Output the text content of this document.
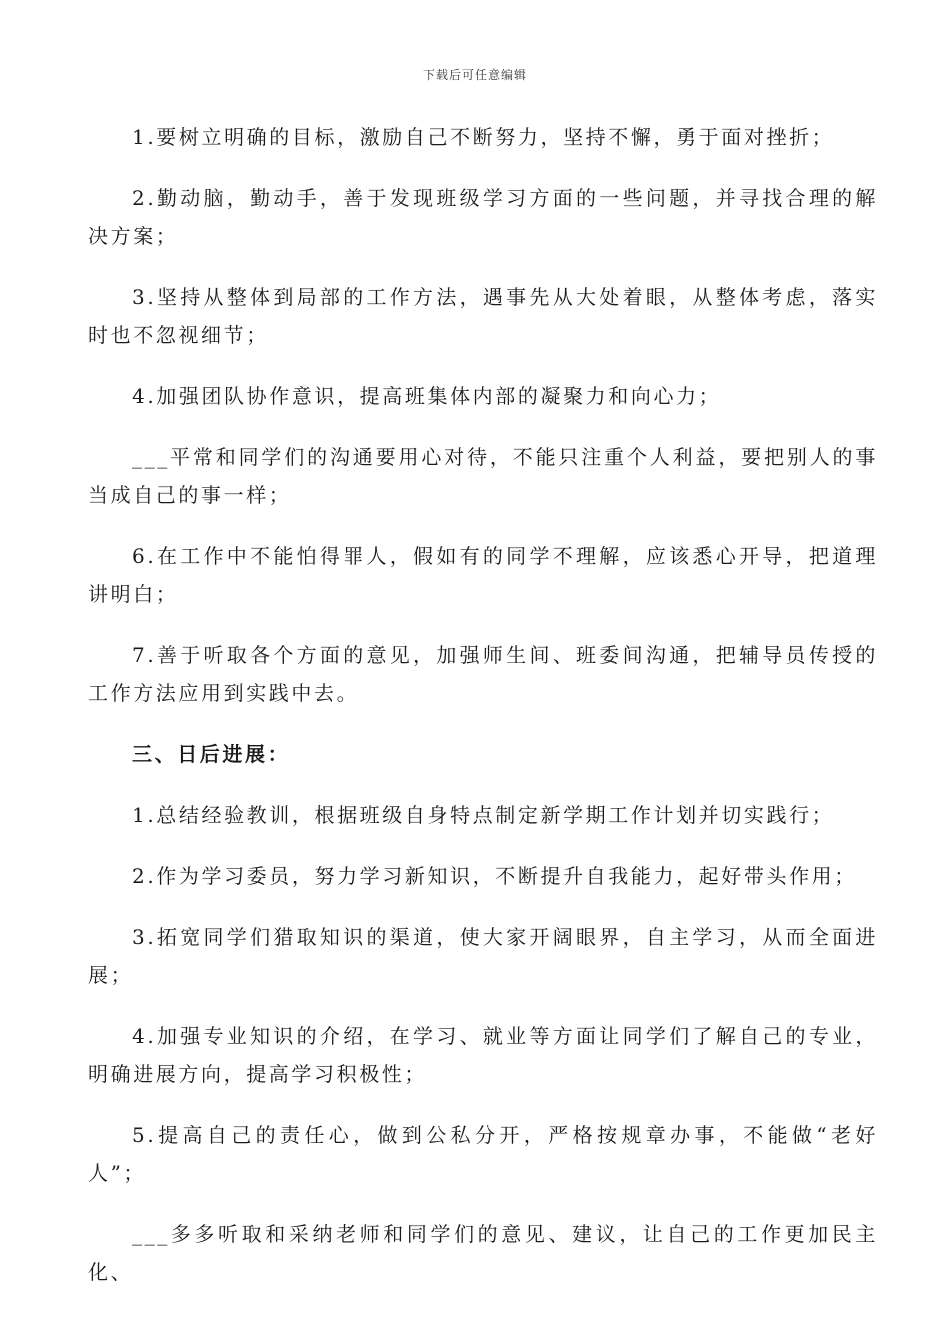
下载后可任意编辑

1.要树立明确的目标，激励自己不断努力，坚持不懈，勇于面对挫折；

2.勤动脑，勤动手，善于发现班级学习方面的一些问题，并寻找合理的解决方案；

3.坚持从整体到局部的工作方法，遇事先从大处着眼，从整体考虑，落实时也不忽视细节；

4.加强团队协作意识，提高班集体内部的凝聚力和向心力；

___平常和同学们的沟通要用心对待，不能只注重个人利益，要把别人的事当成自己的事一样；

6.在工作中不能怕得罪人，假如有的同学不理解，应该悉心开导，把道理讲明白；

7.善于听取各个方面的意见，加强师生间、班委间沟通，把辅导员传授的工作方法应用到实践中去。

三、日后进展：

1.总结经验教训，根据班级自身特点制定新学期工作计划并切实践行；

2.作为学习委员，努力学习新知识，不断提升自我能力，起好带头作用；

3.拓宽同学们猎取知识的渠道，使大家开阔眼界，自主学习，从而全面进展；

4.加强专业知识的介绍，在学习、就业等方面让同学们了解自己的专业，明确进展方向，提高学习积极性；

5.提高自己的责任心，做到公私分开，严格按规章办事，不能做“老好人”；

___多多听取和采纳老师和同学们的意见、建议，让自己的工作更加民主化、
